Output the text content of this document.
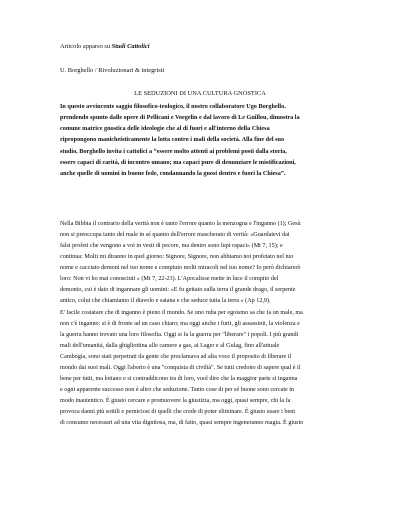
Articolo apparso su Studi Cattolici
U. Borghello / Rivoluzionari & integristi
LE SEDUZIONI DI UNA CULTURA GNOSTICA
In questo avvincente saggio filosofico-teologico, il nostro collaboratore Ugo Borghello,
prendendo spunto dalle opere di Pellicani e Voegelin e dal lavoro di Le Guillou, dimostra la
comune matrice gnostica delle ideologie che al di fuori e all'interno della Chiesa
ripropongono manicheisticamente la lotta contro i mali della società. Alla fine del suo
studio, Borghello invita i cattolici a “essere molto attenti ai problemi posti dalla storia,
essere capaci di carità, di incontro umano; ma capaci pure di denunziare le mistificazioni,
anche quelle di uomini in buone fede, condannando la gnosi dentro e fuori la Chiesa”.
Nella Bibbia il contrario della verità non è tanto l'errore quanto la menzogna e l'inganno (1); Gesù
non si preoccupa tanto del male in sé quanto dell'errore mascherato di verità: «Guardatevi dai
falsi profeti che vengono a voi in vesti di pecore, ma dentro sono lupi rapaci» (Mt 7, 15); e
continua: Molti mi diranno in quel giorno: Signore, Signore, non abbiamo noi profetato nel tuo
nome e cacciato demoni nel tuo nome e compiuto molti miracoli nel tuo nome? Io però dichiarerò
loro: Non vi ho mai conosciuti » (Mt 7, 22-23). L'Apocalisse mette in luce il compito del
demonio, cui è dato di ingannare gli uomini: «E fu gettato sulla terra il grande drago, il serpente
antico, colui che chiamiamo il diavolo e satana e che seduce tutta la terra » (Ap 12,9).
E' facile costatare che di inganno è pieno il mondo. Se uno ruba per egoismo sa che fa un male, ma
non c'è inganno: si è di fronte ad un caso chiaro; ma oggi anche i furti, gli assassinii, la violenza e
la guerra hanno trovato una loro filosofia. Oggi si fa la guerra per "liberare" i popoli. I più grandi
mali dell'umanità, dalla ghigliottina alle camere a gas, ai Lager e al Gulag, fino all'attuale
Cambogia, sono stati perpetrati da gente che proclamava ad alta voce il proposito di liberare il
mondo dai suoi mali. Oggi l'aborto è una "conquista di civiltà". Se tutti credono di sapere qual è il
bene per tutti, ma lottano e si contraddicono tra di loro, vuol dire che la maggior parte si inganna
e ogni apparente successo non è altro che seduzione. Tanto cose di per sé buone sono cercate in
modo inautentico. È giusto cercare e promuovere la giustizia, ma oggi, quasi sempre, chi la fa
provoca danni più sottili e perniciosi di quelli che crede di poter eliminare. È giusto usare i beni
di consumo necessari ad una vita dignitosa, ma, di fatto, quasi sempre ingeneranno magia. È giusto
